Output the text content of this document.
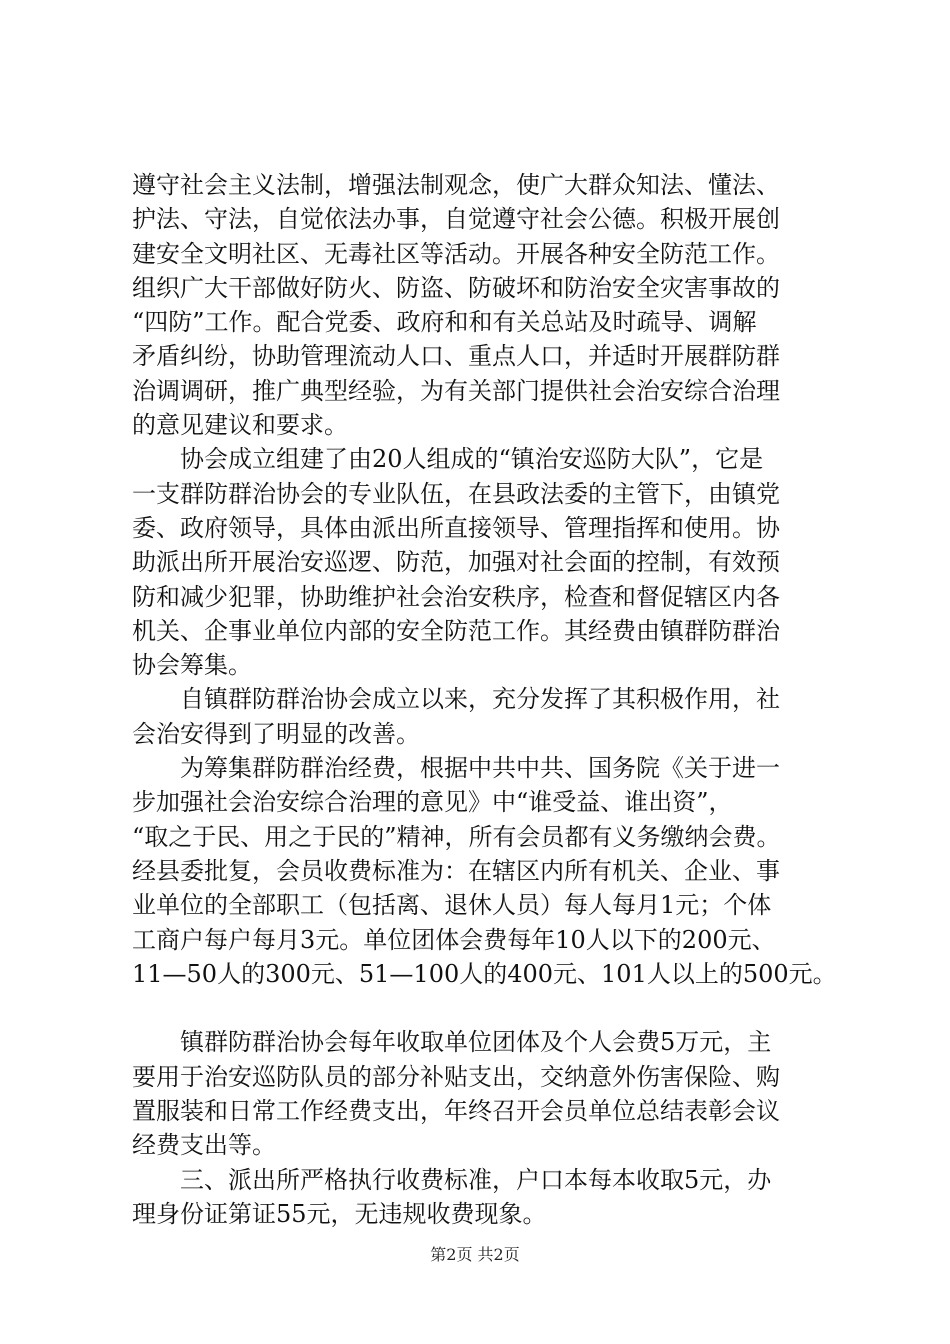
遵守社会主义法制，增强法制观念，使广大群众知法、懂法、
护法、守法，自觉依法办事，自觉遵守社会公德。积极开展创
建安全文明社区、无毒社区等活动。开展各种安全防范工作。
组织广大干部做好防火、防盗、防破坏和防治安全灾害事故的
“四防”工作。配合党委、政府和和有关总站及时疏导、调解
矛盾纠纷，协助管理流动人口、重点人口，并适时开展群防群
治调调研，推广典型经验，为有关部门提供社会治安综合治理
的意见建议和要求。
　　协会成立组建了由20人组成的“镇治安巡防大队”，它是
一支群防群治协会的专业队伍，在县政法委的主管下，由镇党
委、政府领导，具体由派出所直接领导、管理指挥和使用。协
助派出所开展治安巡逻、防范，加强对社会面的控制，有效预
防和减少犯罪，协助维护社会治安秩序，检查和督促辖区内各
机关、企事业单位内部的安全防范工作。其经费由镇群防群治
协会筹集。
　　自镇群防群治协会成立以来，充分发挥了其积极作用，社
会治安得到了明显的改善。
　　为筹集群防群治经费，根据中共中共、国务院《关于进一
步加强社会治安综合治理的意见》中“谁受益、谁出资”，
“取之于民、用之于民的”精神，所有会员都有义务缴纳会费。
经县委批复，会员收费标准为：在辖区内所有机关、企业、事
业单位的全部职工（包括离、退休人员）每人每月1元；个体
工商户每户每月3元。单位团体会费每年10人以下的200元、
11—50人的300元、51—100人的400元、101人以上的500元。
　　镇群防群治协会每年收取单位团体及个人会费5万元，主
要用于治安巡防队员的部分补贴支出，交纳意外伤害保险、购
置服装和日常工作经费支出，年终召开会员单位总结表彰会议
经费支出等。
　　三、派出所严格执行收费标准，户口本每本收取5元，办
理身份证第证55元，无违规收费现象。
第2页 共2页
